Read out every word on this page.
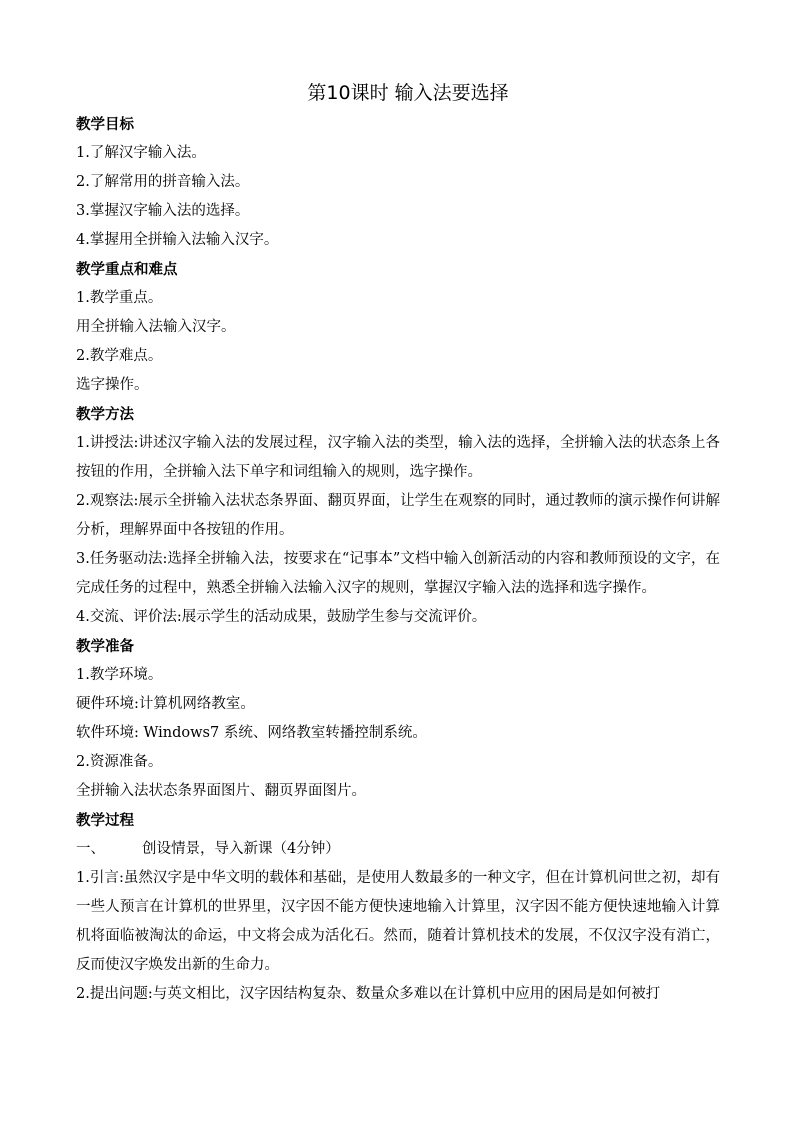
第10课时 输入法要选择
教学目标

1.了解汉字输入法。

2.了解常用的拼音输入法。

3.掌握汉字输入法的选择。

4.掌握用全拼输入法输入汉字。

教学重点和难点

1.教学重点。

用全拼输入法输入汉字。

2.教学难点。

选字操作。

教学方法

1.讲授法:讲述汉字输入法的发展过程，汉字输入法的类型，输入法的选择，全拼输入法的状态条上各按钮的作用，全拼输入法下单字和词组输入的规则，选字操作。

2.观察法:展示全拼输入法状态条界面、翻页界面，让学生在观察的同时，通过教师的演示操作何讲解分析，理解界面中各按钮的作用。

3.任务驱动法:选择全拼输入法，按要求在“记事本”文档中输入创新活动的内容和教师预设的文字，在完成任务的过程中，熟悉全拼输入法输入汉字的规则，掌握汉字输入法的选择和选字操作。

4.交流、评价法:展示学生的活动成果，鼓励学生参与交流评价。

教学准备

1.教学环境。

硬件环境:计算机网络教室。

软件环境: Windows7 系统、网络教室转播控制系统。

2.资源准备。

全拼输入法状态条界面图片、翻页界面图片。

教学过程

一、	创设情景，导入新课（4分钟）

1.引言:虽然汉字是中华文明的载体和基础，是使用人数最多的一种文字，但在计算机问世之初，却有一些人预言在计算机的世界里，汉字因不能方便快速地输入计算里，汉字因不能方便快速地输入计算机将面临被淘汰的命运，中文将会成为活化石。然而，随着计算机技术的发展，不仅汉字没有消亡，反而使汉字焕发出新的生命力。

2.提出问题:与英文相比，汉字因结构复杂、数量众多难以在计算机中应用的困局是如何被打
